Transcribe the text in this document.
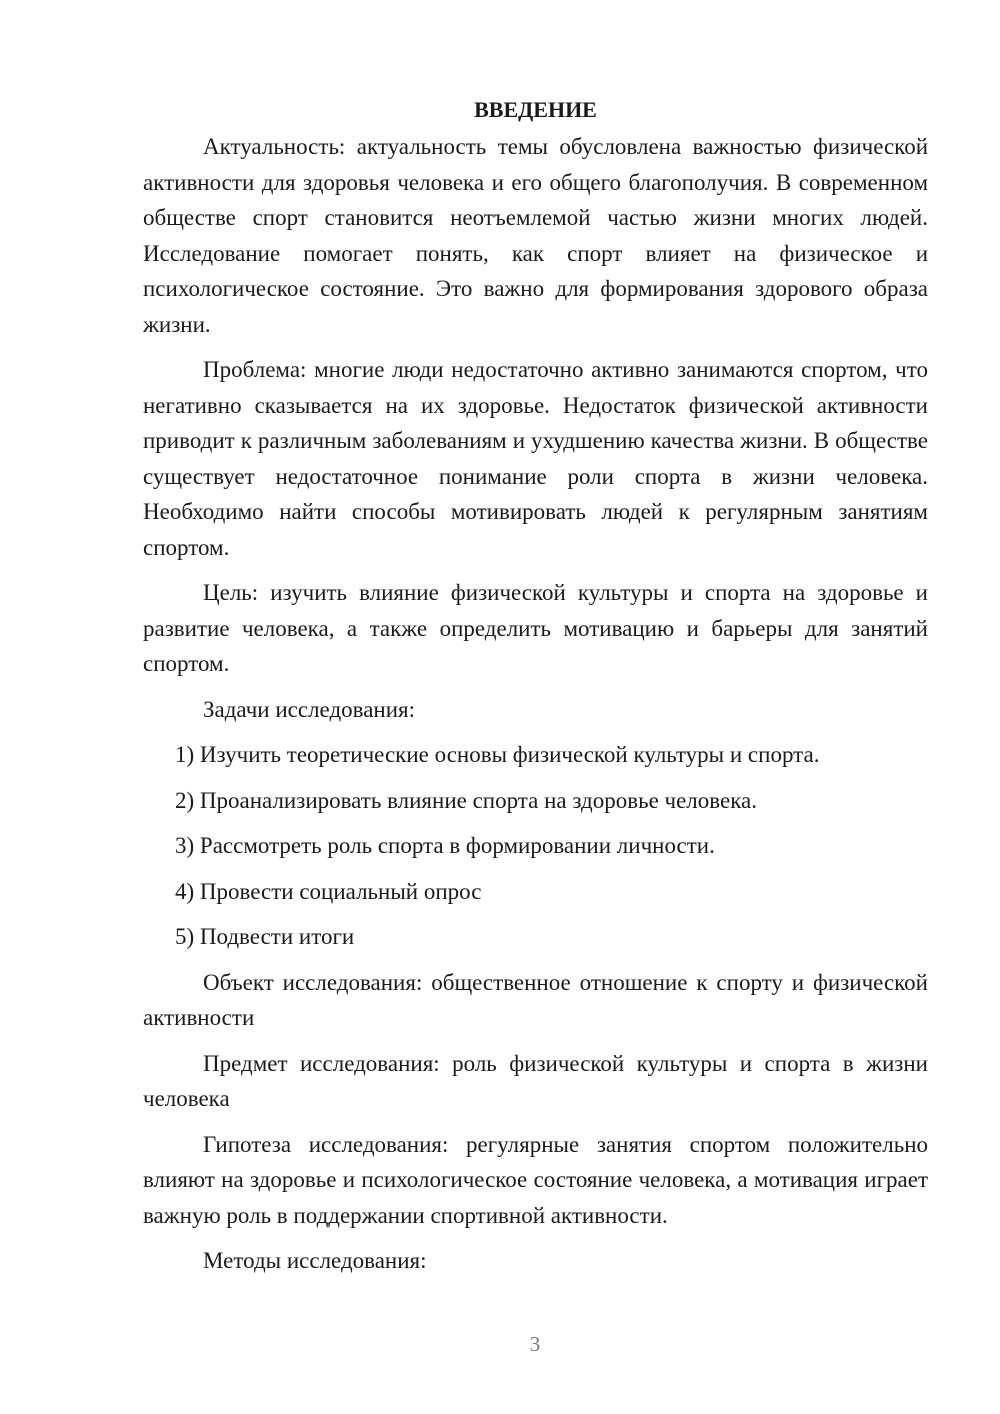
ВВЕДЕНИЕ

Актуальность: актуальность темы обусловлена важностью физической активности для здоровья человека и его общего благополучия. В современном обществе спорт становится неотъемлемой частью жизни многих людей. Исследование помогает понять, как спорт влияет на физическое и психологическое состояние. Это важно для формирования здорового образа жизни.

Проблема: многие люди недостаточно активно занимаются спортом, что негативно сказывается на их здоровье. Недостаток физической активности приводит к различным заболеваниям и ухудшению качества жизни. В обществе существует недостаточное понимание роли спорта в жизни человека. Необходимо найти способы мотивировать людей к регулярным занятиям спортом.

Цель: изучить влияние физической культуры и спорта на здоровье и развитие человека, а также определить мотивацию и барьеры для занятий спортом.

Задачи исследования:

1) Изучить теоретические основы физической культуры и спорта.
2) Проанализировать влияние спорта на здоровье человека.
3) Рассмотреть роль спорта в формировании личности.
4) Провести социальный опрос
5) Подвести итоги

Объект исследования: общественное отношение к спорту и физической активности

Предмет исследования: роль физической культуры и спорта в жизни человека

Гипотеза исследования: регулярные занятия спортом положительно влияют на здоровье и психологическое состояние человека, а мотивация играет важную роль в поддержании спортивной активности.

Методы исследования:

3
